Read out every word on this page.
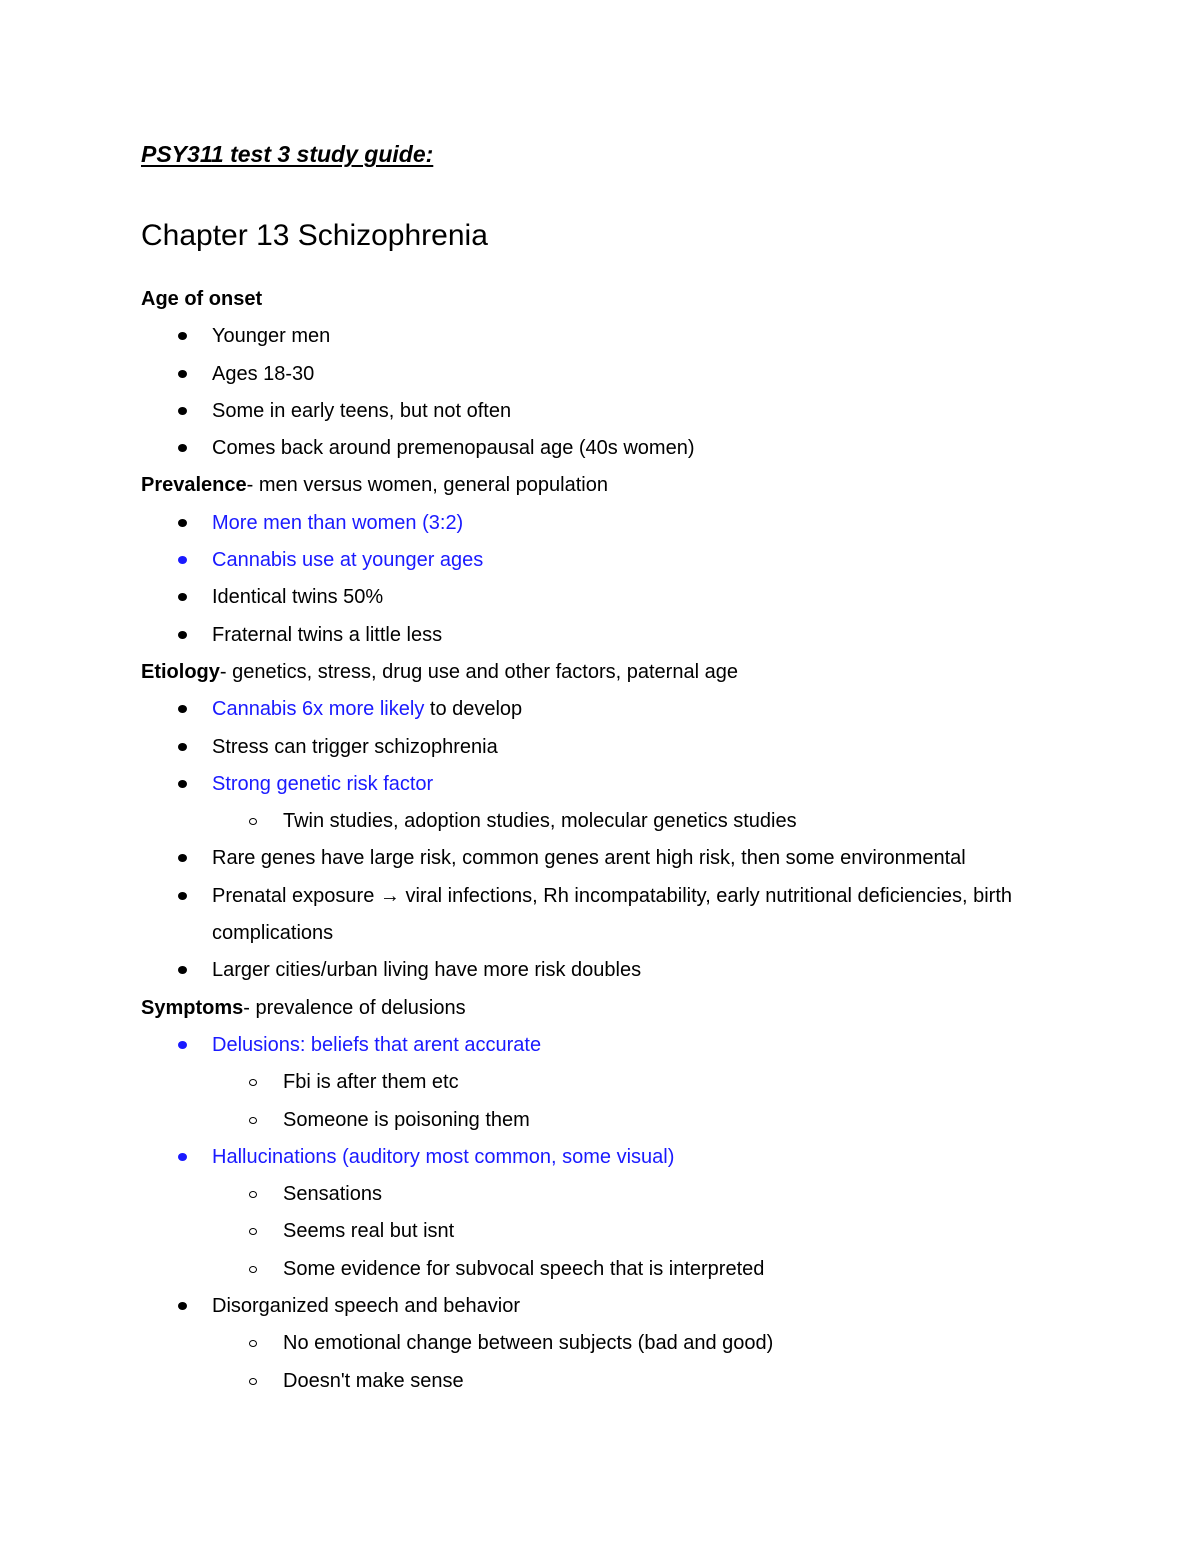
PSY311 test 3 study guide:
Chapter 13 Schizophrenia
Age of onset
Younger men
Ages 18-30
Some in early teens, but not often
Comes back around premenopausal age (40s women)
Prevalence- men versus women, general population
More men than women (3:2)
Cannabis use at younger ages
Identical twins 50%
Fraternal twins a little less
Etiology- genetics, stress, drug use and other factors, paternal age
Cannabis 6x more likely to develop
Stress can trigger schizophrenia
Strong genetic risk factor
Twin studies, adoption studies, molecular genetics studies
Rare genes have large risk, common genes arent high risk, then some environmental
Prenatal exposure → viral infections, Rh incompatability, early nutritional deficiencies, birth complications
Larger cities/urban living have more risk doubles
Symptoms- prevalence of delusions
Delusions: beliefs that arent accurate
Fbi is after them etc
Someone is poisoning them
Hallucinations (auditory most common, some visual)
Sensations
Seems real but isnt
Some evidence for subvocal speech that is interpreted
Disorganized speech and behavior
No emotional change between subjects (bad and good)
Doesn't make sense
